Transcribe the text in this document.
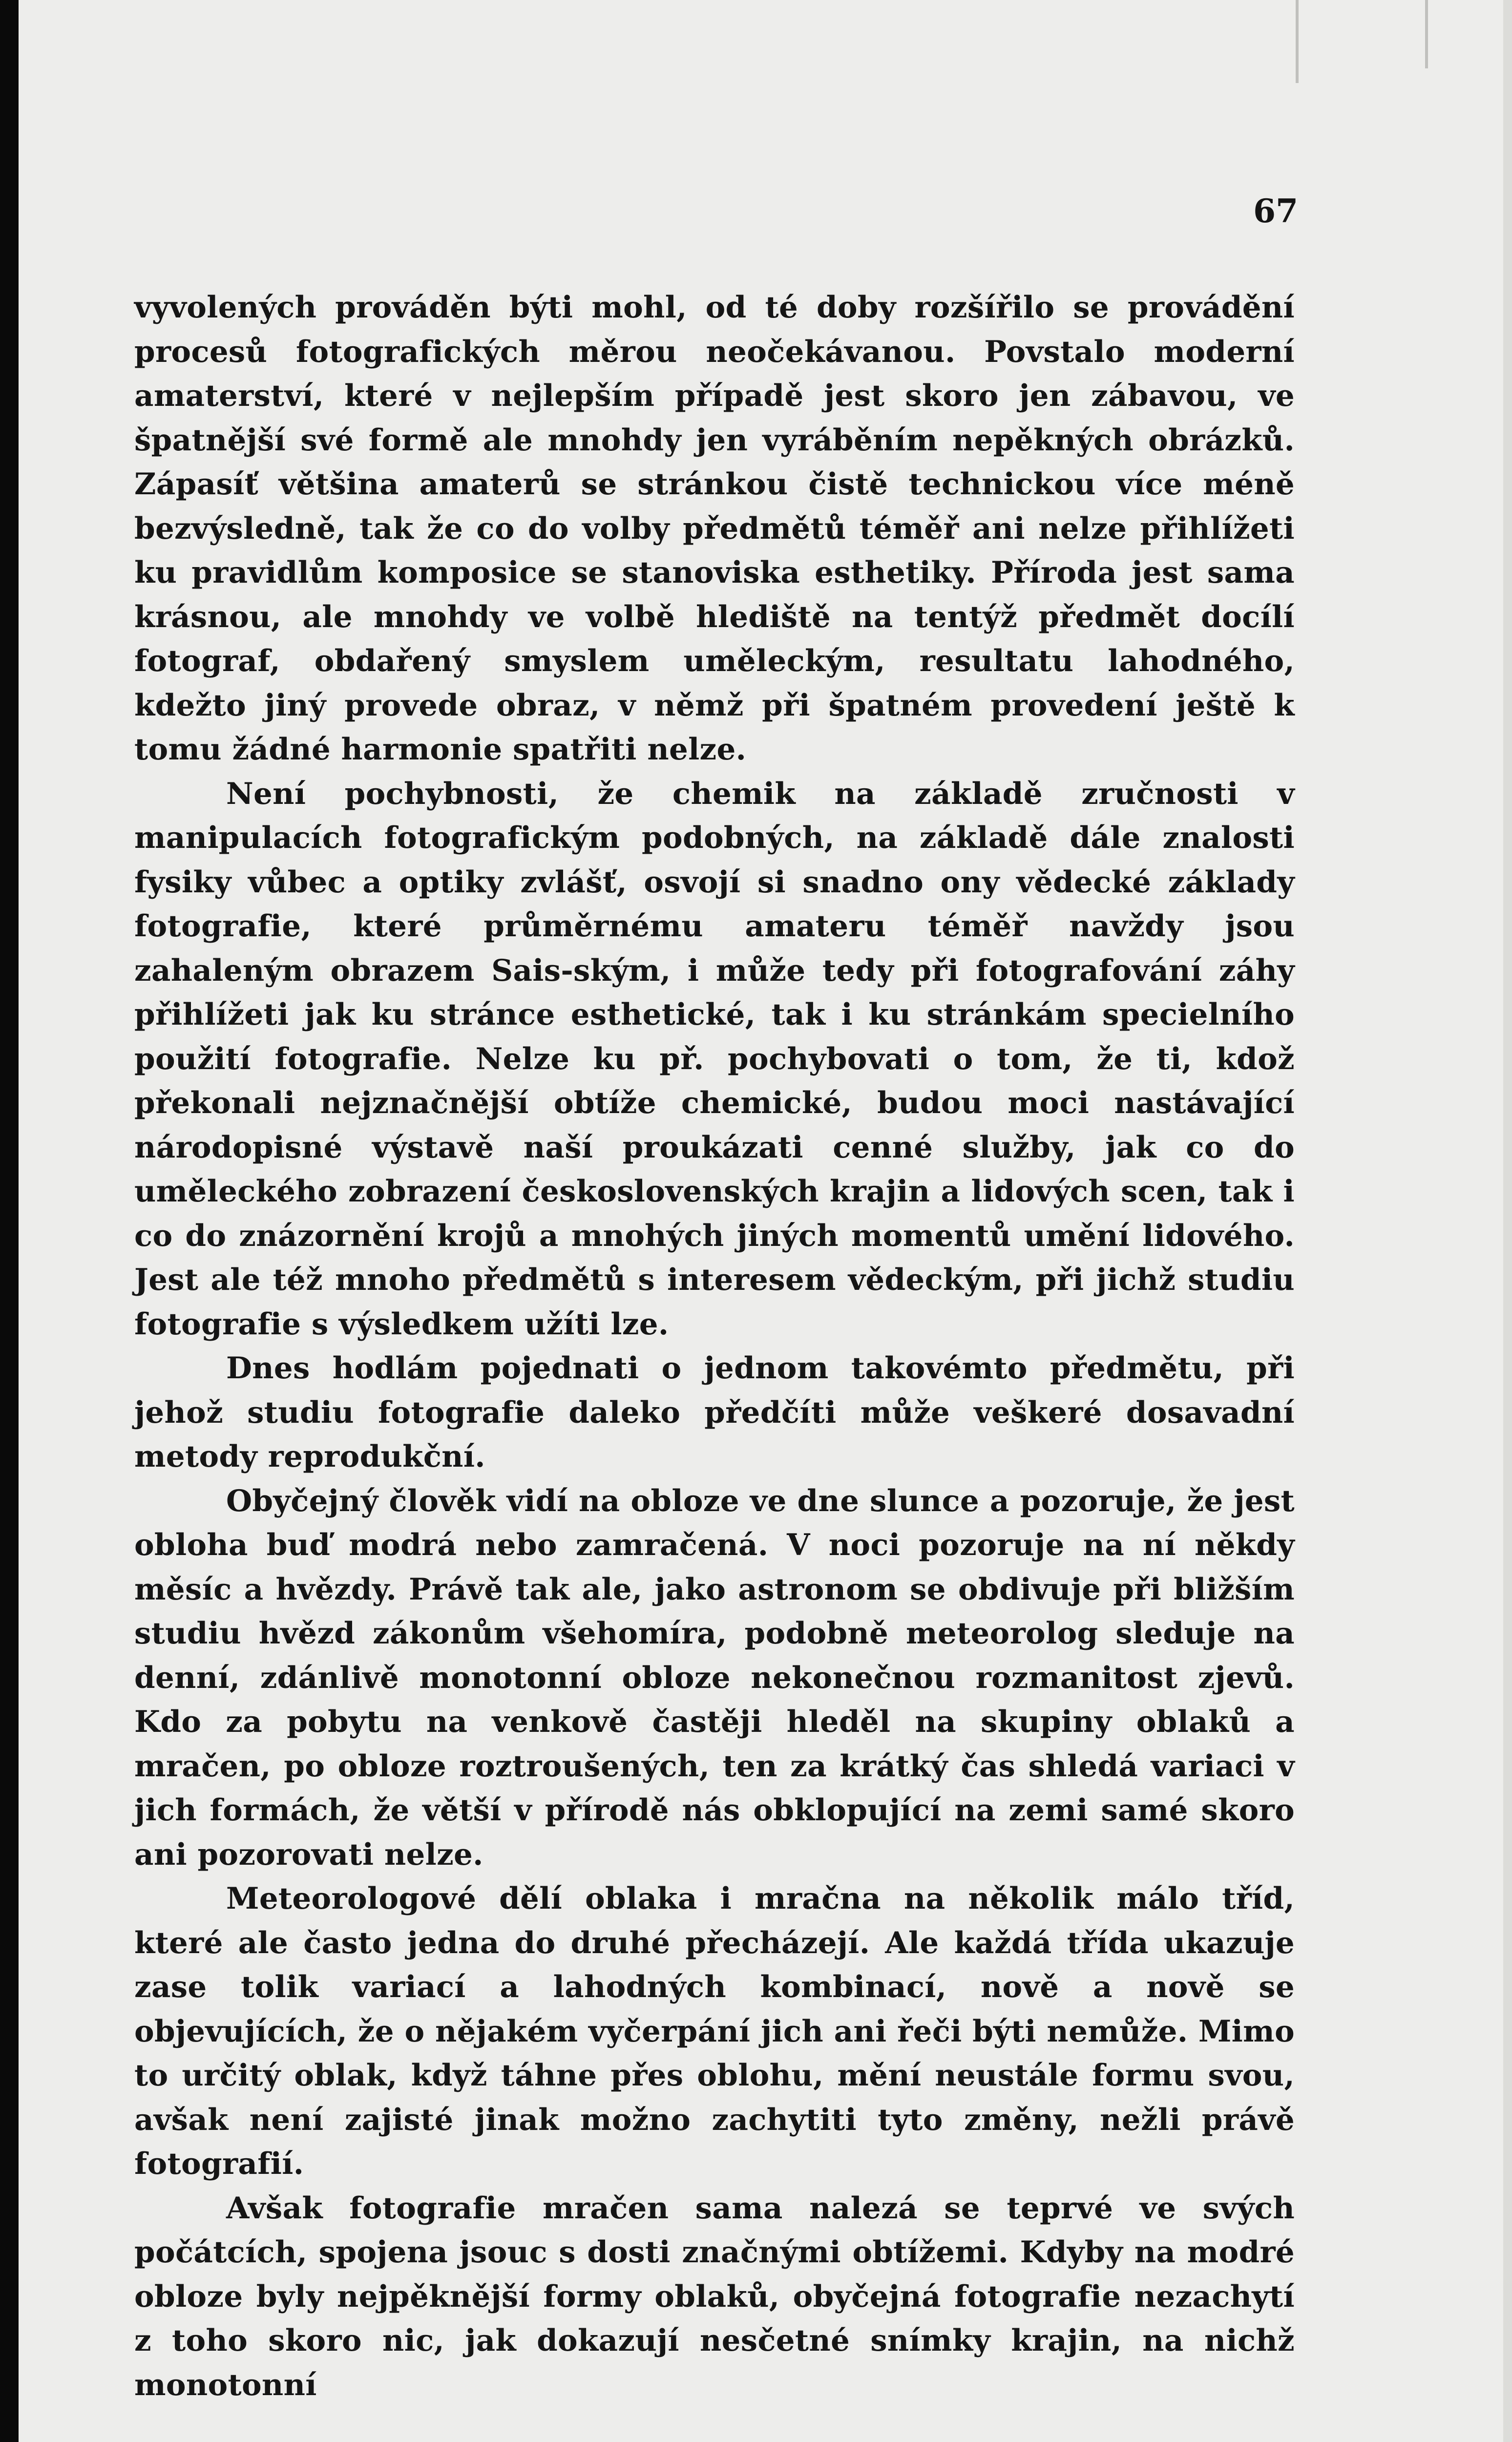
67

vyvolených prováděn býti mohl, od té doby rozšířilo se provádění procesů fotografických měrou neočekávanou. Povstalo moderní amaterství, které v nejlepším případě jest skoro jen zábavou, ve špatnější své formě ale mnohdy jen vyráběním nepěkných obrázků. Zápasíť většina amaterů se stránkou čistě technickou více méně bezvýsledně, tak že co do volby předmětů téměř ani nelze přihlížeti ku pravidlům komposice se stanoviska esthetiky. Příroda jest sama krásnou, ale mnohdy ve volbě hlediště na tentýž předmět docílí fotograf, obdařený smyslem uměleckým, resultatu lahodného, kdežto jiný provede obraz, v němž při špatném provedení ještě k tomu žádné harmonie spatřiti nelze.

Není pochybnosti, že chemik na základě zručnosti v manipulacích fotografickým podobných, na základě dále znalosti fysiky vůbec a optiky zvlášť, osvojí si snadno ony vědecké základy fotografie, které průměrnému amateru téměř navždy jsou zahaleným obrazem Sais-ským, i může tedy při fotografování záhy přihlížeti jak ku stránce esthetické, tak i ku stránkám specielního použití fotografie. Nelze ku př. pochybovati o tom, že ti, kdož překonali nejznačnější obtíže chemické, budou moci nastávající národopisné výstavě naší proukázati cenné služby, jak co do uměleckého zobrazení československých krajin a lidových scen, tak i co do znázornění krojů a mnohých jiných momentů umění lidového. Jest ale též mnoho předmětů s interesem vědeckým, při jichž studiu fotografie s výsledkem užíti lze.

Dnes hodlám pojednati o jednom takovémto předmětu, při jehož studiu fotografie daleko předčíti může veškeré dosavadní metody reprodukční.

Obyčejný člověk vidí na obloze ve dne slunce a pozoruje, že jest obloha buď modrá nebo zamračená. V noci pozoruje na ní někdy měsíc a hvězdy. Právě tak ale, jako astronom se obdivuje při bližším studiu hvězd zákonům všehomíra, podobně meteorolog sleduje na denní, zdánlivě monotonní obloze nekonečnou rozmanitost zjevů. Kdo za pobytu na venkově častěji hleděl na skupiny oblaků a mračen, po obloze roztroušených, ten za krátký čas shledá variaci v jich formách, že větší v přírodě nás obklopující na zemi samé skoro ani pozorovati nelze.

Meteorologové dělí oblaka i mračna na několik málo tříd, které ale často jedna do druhé přecházejí. Ale každá třída ukazuje zase tolik variací a lahodných kombinací, nově a nově se objevujících, že o nějakém vyčerpání jich ani řeči býti nemůže. Mimo to určitý oblak, když táhne přes oblohu, mění neustále formu svou, avšak není zajisté jinak možno zachytiti tyto změny, nežli právě fotografií.

Avšak fotografie mračen sama nalezá se teprvé ve svých počátcích, spojena jsouc s dosti značnými obtížemi. Kdyby na modré obloze byly nejpěknější formy oblaků, obyčejná fotografie nezachytí z toho skoro nic, jak dokazují nesčetné snímky krajin, na nichž monotonní
